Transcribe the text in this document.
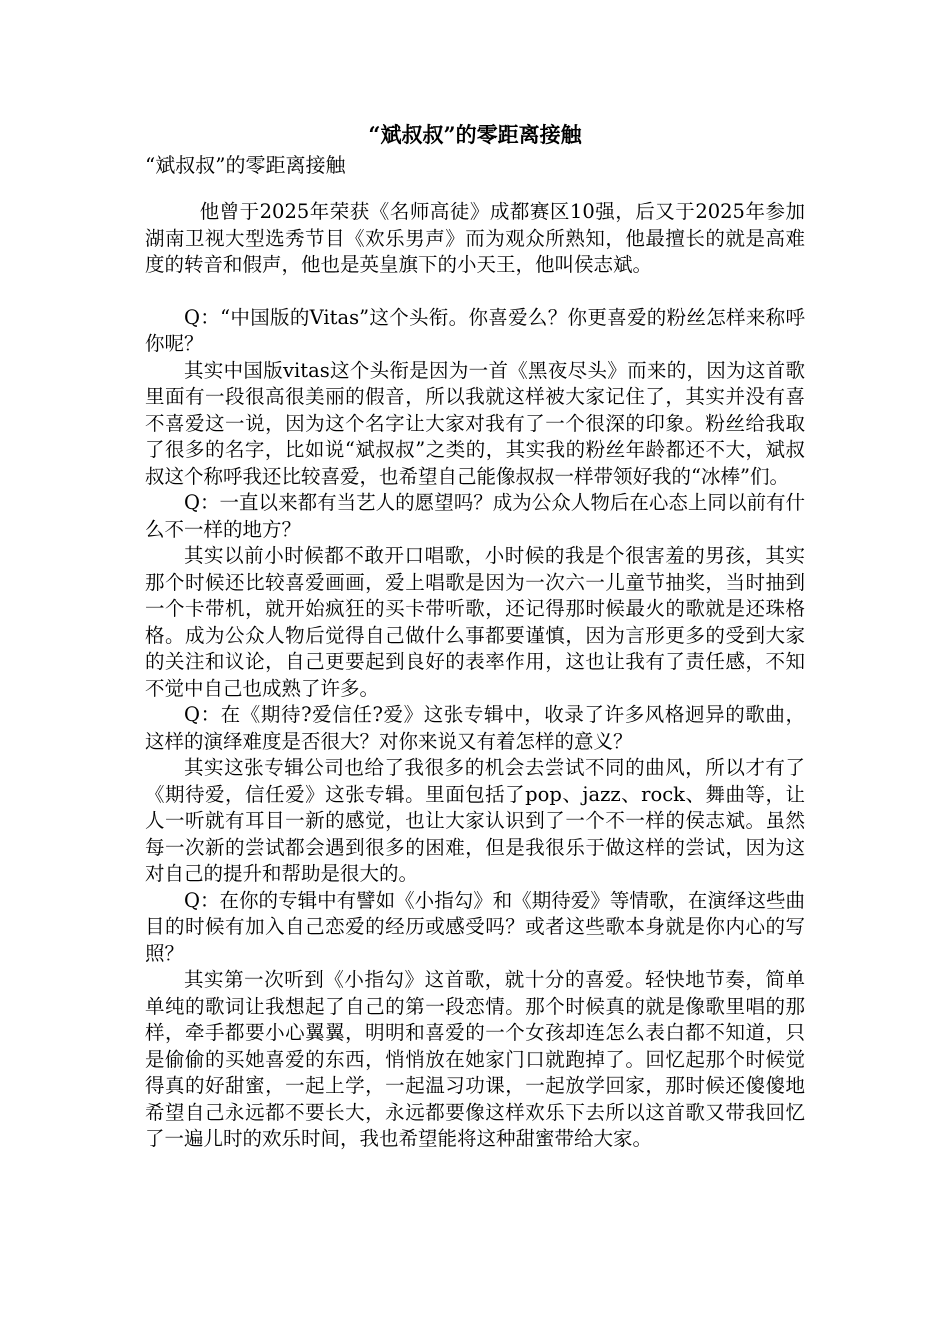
“斌叔叔”的零距离接触
“斌叔叔”的零距离接触

他曾于2025年荣获《名师高徒》成都赛区10强，后又于2025年参加湖南卫视大型选秀节目《欢乐男声》而为观众所熟知，他最擅长的就是高难度的转音和假声，他也是英皇旗下的小天王，他叫侯志斌。

Q：“中国版的Vitas”这个头衔。你喜爱么？你更喜爱的粉丝怎样来称呼你呢？

其实中国版vitas这个头衔是因为一首《黑夜尽头》而来的，因为这首歌里面有一段很高很美丽的假音，所以我就这样被大家记住了，其实并没有喜不喜爱这一说，因为这个名字让大家对我有了一个很深的印象。粉丝给我取了很多的名字，比如说“斌叔叔”之类的，其实我的粉丝年龄都还不大，斌叔叔这个称呼我还比较喜爱，也希望自己能像叔叔一样带领好我的“冰棒”们。

Q：一直以来都有当艺人的愿望吗？成为公众人物后在心态上同以前有什么不一样的地方？

其实以前小时候都不敢开口唱歌，小时候的我是个很害羞的男孩，其实那个时候还比较喜爱画画，爱上唱歌是因为一次六一儿童节抽奖，当时抽到一个卡带机，就开始疯狂的买卡带听歌，还记得那时候最火的歌就是还珠格格。成为公众人物后觉得自己做什么事都要谨慎，因为言形更多的受到大家的关注和议论，自己更要起到良好的表率作用，这也让我有了责任感，不知不觉中自己也成熟了许多。

Q：在《期待?爱信任?爱》这张专辑中，收录了许多风格迥异的歌曲，这样的演绎难度是否很大？对你来说又有着怎样的意义？

其实这张专辑公司也给了我很多的机会去尝试不同的曲风，所以才有了《期待爱，信任爱》这张专辑。里面包括了pop、jazz、rock、舞曲等，让人一听就有耳目一新的感觉，也让大家认识到了一个不一样的侯志斌。虽然每一次新的尝试都会遇到很多的困难，但是我很乐于做这样的尝试，因为这对自己的提升和帮助是很大的。

Q：在你的专辑中有譬如《小指勾》和《期待爱》等情歌，在演绎这些曲目的时候有加入自己恋爱的经历或感受吗？或者这些歌本身就是你内心的写照？

其实第一次听到《小指勾》这首歌，就十分的喜爱。轻快地节奏，简单单纯的歌词让我想起了自己的第一段恋情。那个时候真的就是像歌里唱的那样，牵手都要小心翼翼，明明和喜爱的一个女孩却连怎么表白都不知道，只是偷偷的买她喜爱的东西，悄悄放在她家门口就跑掉了。回忆起那个时候觉得真的好甜蜜，一起上学，一起温习功课，一起放学回家，那时候还傻傻地希望自己永远都不要长大，永远都要像这样欢乐下去所以这首歌又带我回忆了一遍儿时的欢乐时间，我也希望能将这种甜蜜带给大家。
